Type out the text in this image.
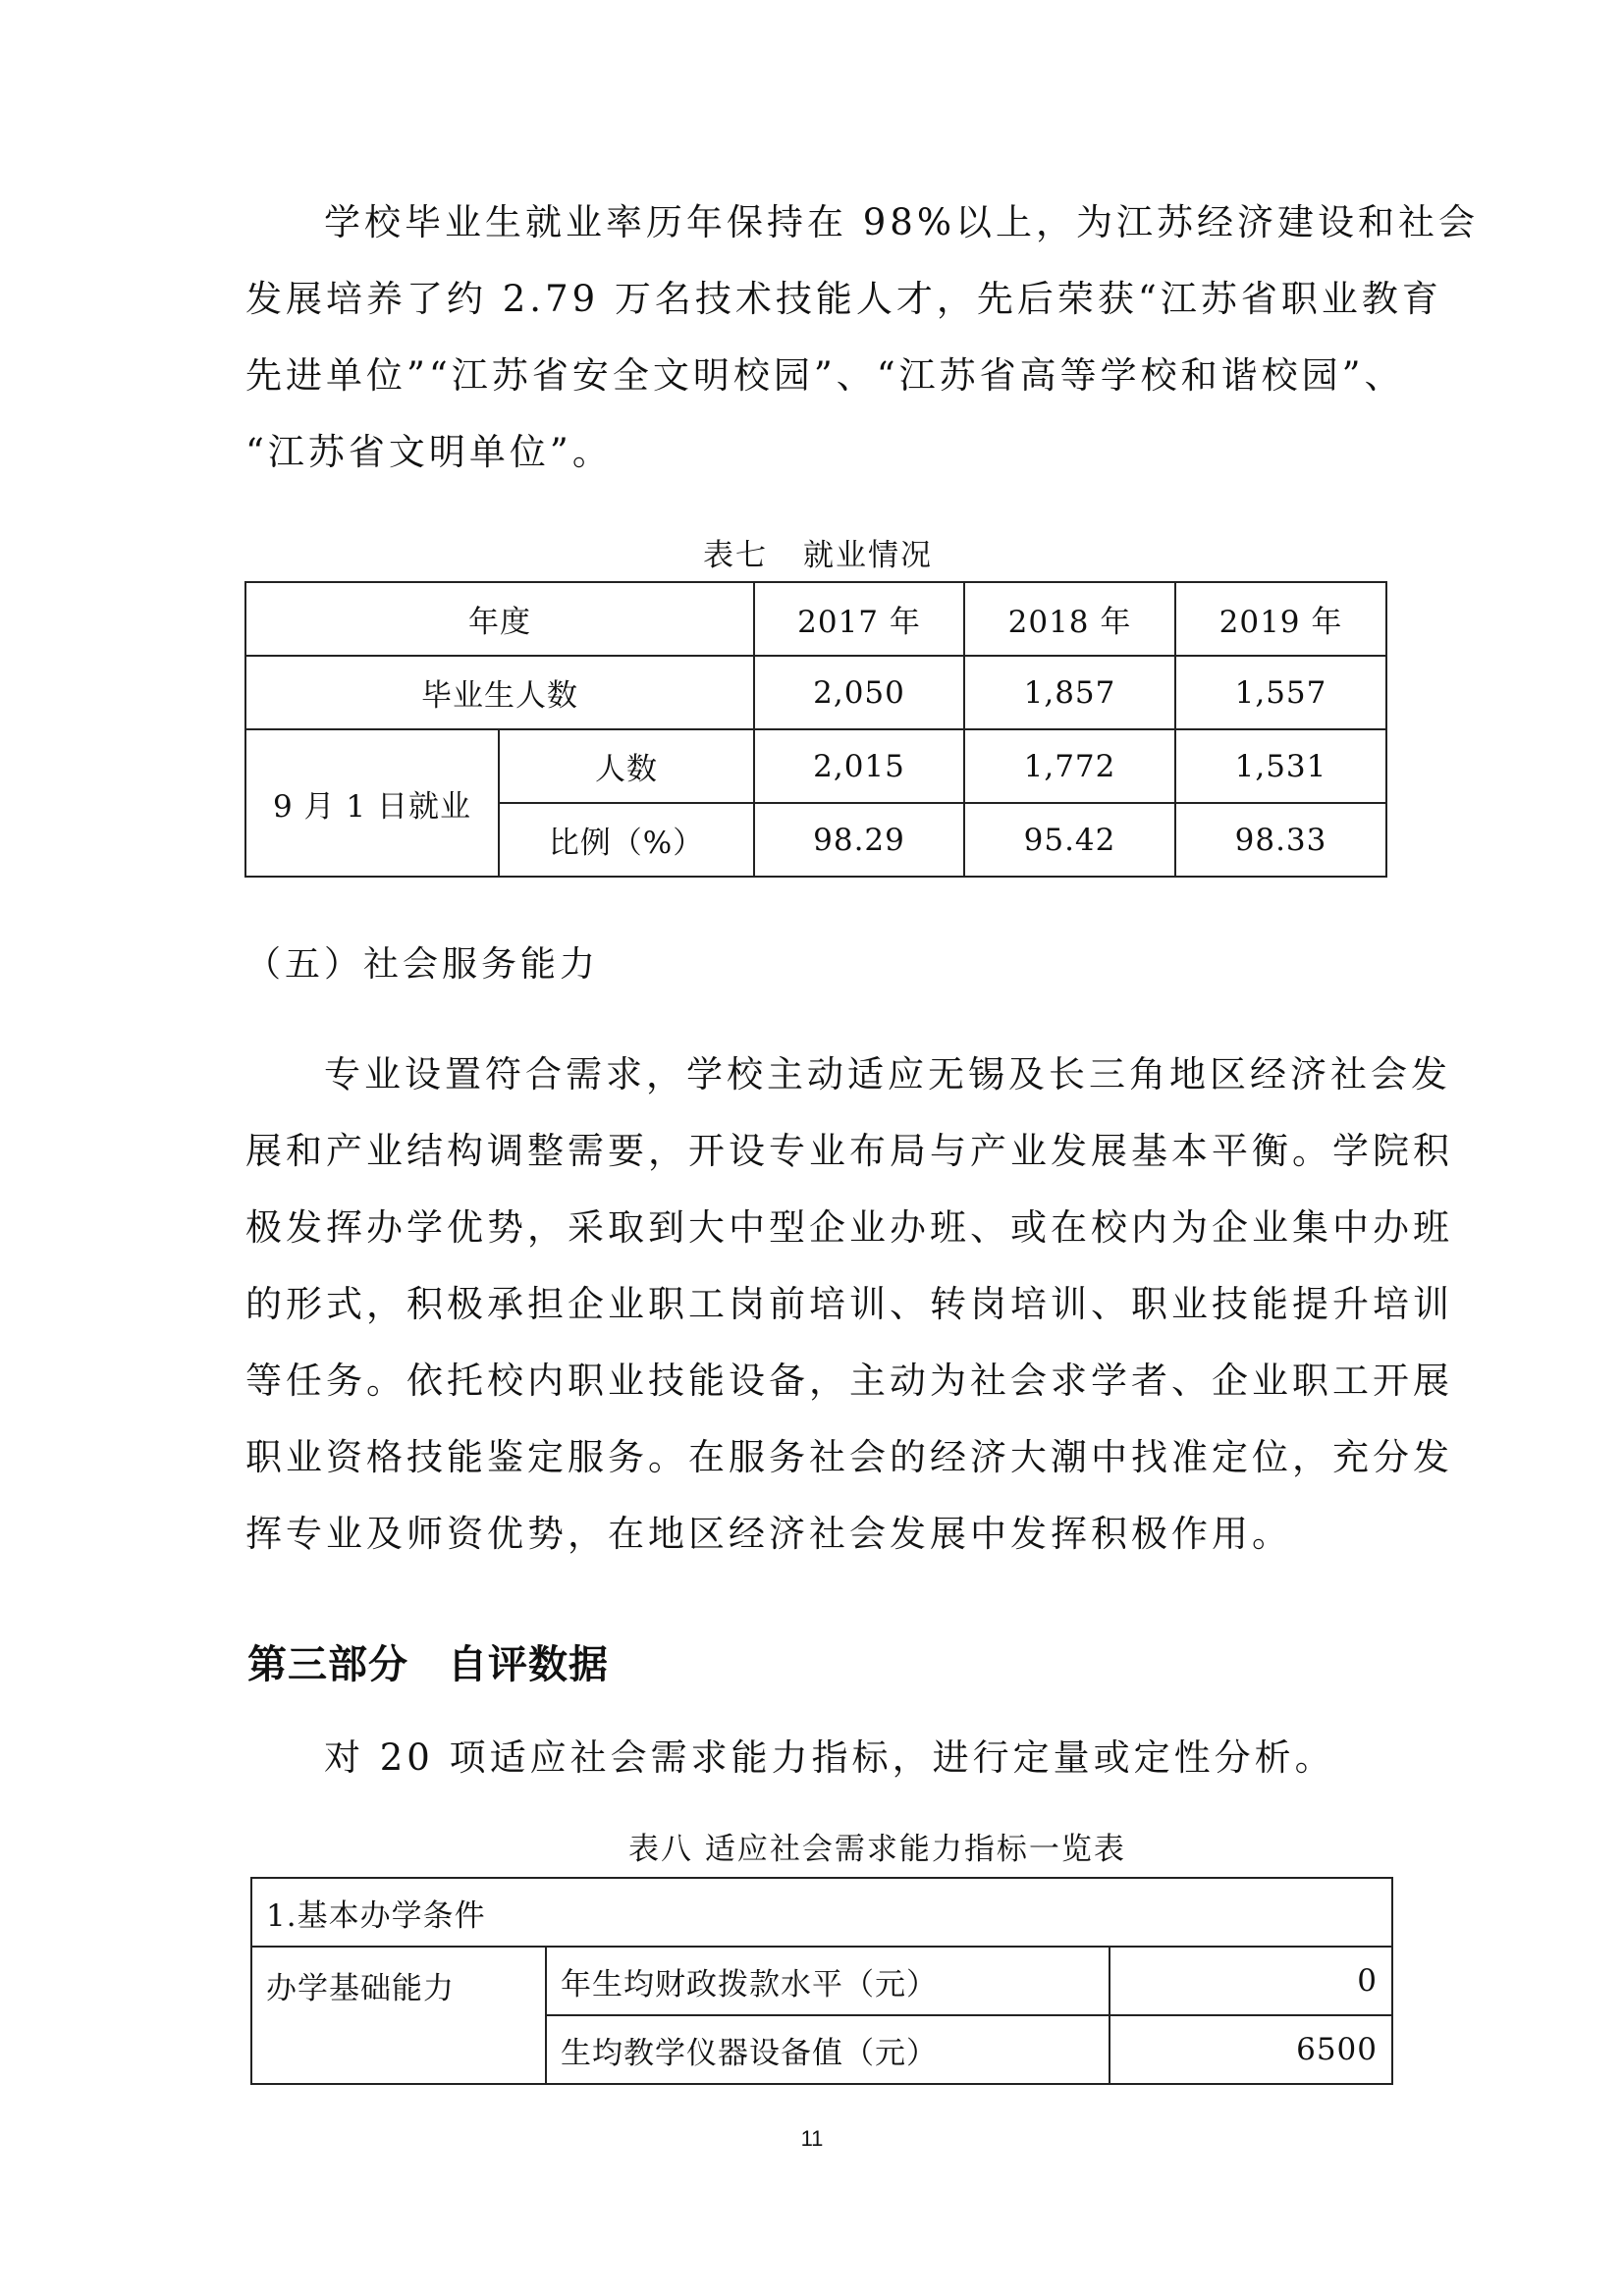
学校毕业生就业率历年保持在 98%以上，为江苏经济建设和社会
发展培养了约 2.79 万名技术技能人才，先后荣获“江苏省职业教育
先进单位”“江苏省安全文明校园”、“江苏省高等学校和谐校园”、
“江苏省文明单位”。

表七 就业情况

年度		2017 年	2018 年	2019 年
毕业生人数		2,050	1,857	1,557
9 月 1 日就业	人数	2,015	1,772	1,531
	比例（%）	98.29	95.42	98.33

（五）社会服务能力

专业设置符合需求，学校主动适应无锡及长三角地区经济社会发
展和产业结构调整需要，开设专业布局与产业发展基本平衡。学院积
极发挥办学优势，采取到大中型企业办班、或在校内为企业集中办班
的形式，积极承担企业职工岗前培训、转岗培训、职业技能提升培训
等任务。依托校内职业技能设备，主动为社会求学者、企业职工开展
职业资格技能鉴定服务。在服务社会的经济大潮中找准定位，充分发
挥专业及师资优势，在地区经济社会发展中发挥积极作用。
第三部分 自评数据
对 20 项适应社会需求能力指标，进行定量或定性分析。

表八 适应社会需求能力指标一览表

1.基本办学条件		
办学基础能力	年生均财政拨款水平（元）	0
	生均教学仪器设备值（元）	6500

11
